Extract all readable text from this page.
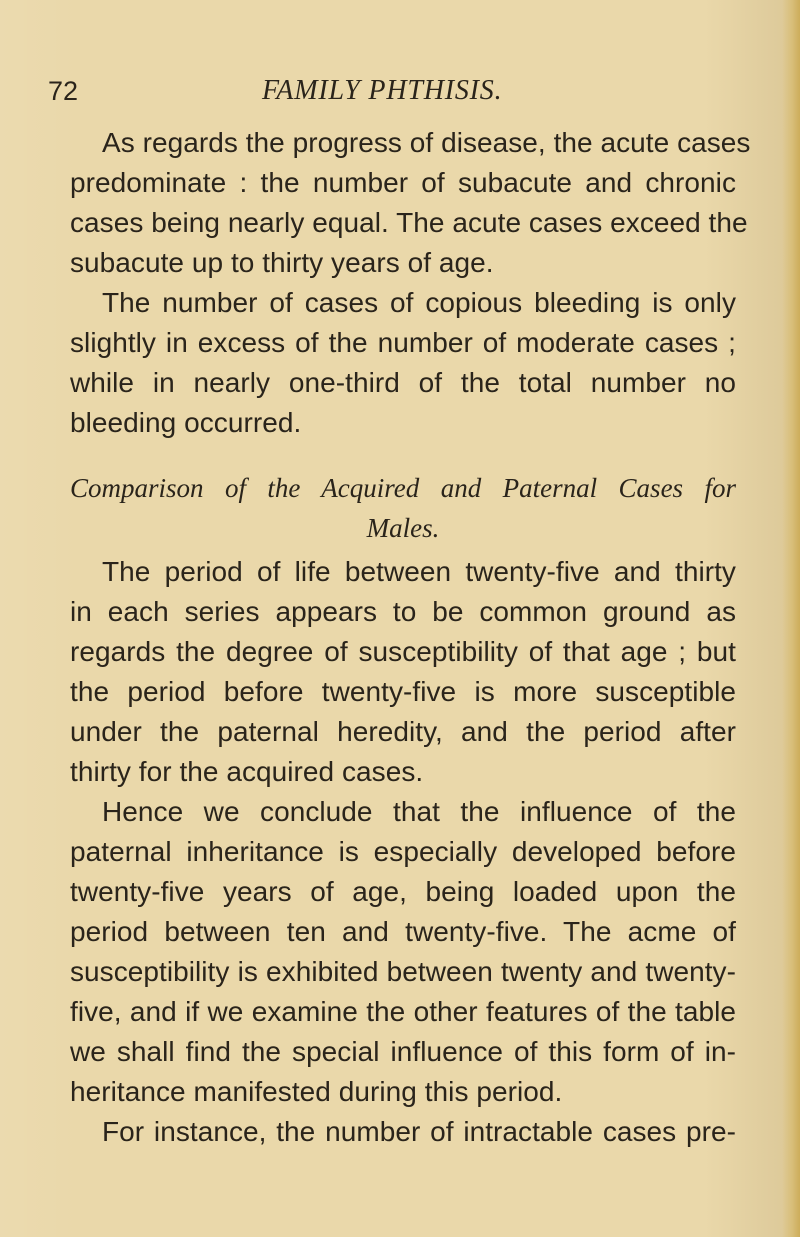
72	FAMILY PHTHISIS.
As regards the progress of disease, the acute cases
predominate : the number of subacute and chronic
cases being nearly equal. The acute cases exceed the
subacute up to thirty years of age.
The number of cases of copious bleeding is only
slightly in excess of the number of moderate cases ;
while in nearly one-third of the total number no
bleeding occurred.
Comparison of the Acquired and Paternal Cases for
Males.
The period of life between twenty-five and thirty
in each series appears to be common ground as
regards the degree of susceptibility of that age ; but
the period before twenty-five is more susceptible
under the paternal heredity, and the period after
thirty for the acquired cases.
Hence we conclude that the influence of the
paternal inheritance is especially developed before
twenty-five years of age, being loaded upon the
period between ten and twenty-five. The acme of
susceptibility is exhibited between twenty and twenty-
five, and if we examine the other features of the table
we shall find the special influence of this form of in-
heritance manifested during this period.
For instance, the number of intractable cases pre-
